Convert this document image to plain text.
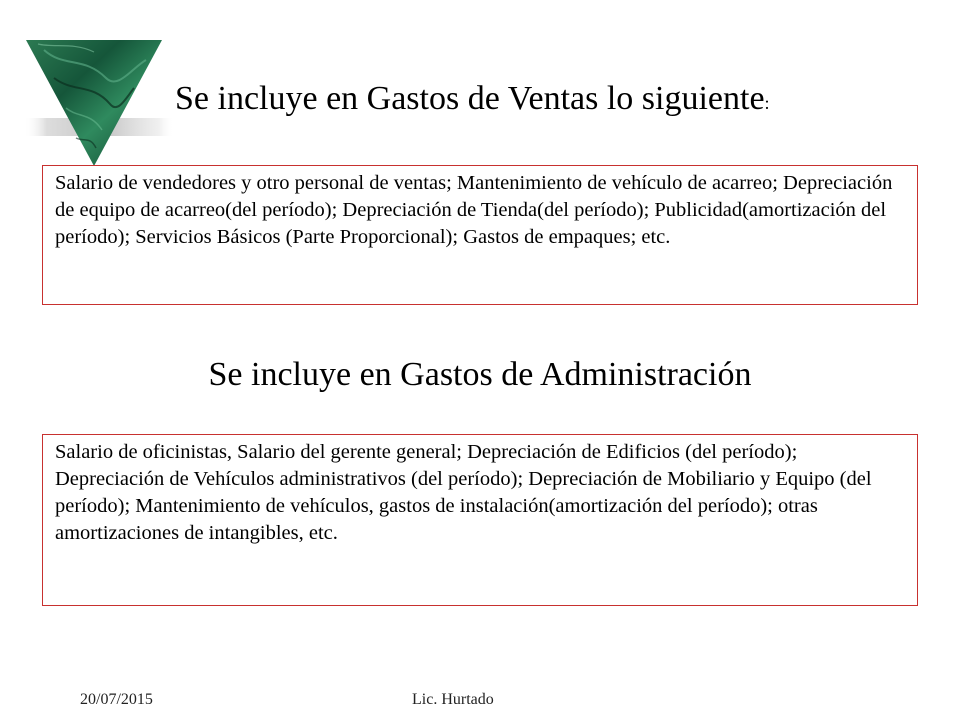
Se incluye en Gastos de Ventas lo siguiente:
Salario de vendedores y otro personal de ventas; Mantenimiento de vehículo de acarreo; Depreciación de equipo de acarreo(del período); Depreciación de Tienda(del período); Publicidad(amortización del período); Servicios Básicos (Parte Proporcional); Gastos de empaques; etc.
Se incluye en Gastos de Administración
Salario de oficinistas, Salario del gerente general; Depreciación de Edificios (del período); Depreciación de Vehículos administrativos (del período); Depreciación de Mobiliario y Equipo (del período); Mantenimiento de vehículos, gastos de instalación(amortización del período); otras amortizaciones de intangibles, etc.
20/07/2015	Lic. Hurtado
